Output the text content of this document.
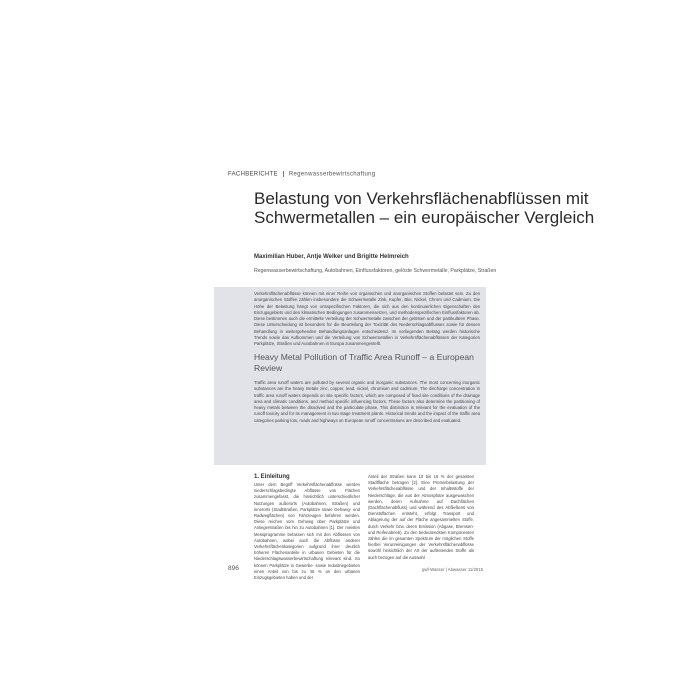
FACHBERICHTE Regenwasserbewirtschaftung
Belastung von Verkehrsflächenabflüssen mit Schwermetallen – ein europäischer Vergleich
Maximilian Huber, Antje Welker und Brigitte Helmreich
Regenwasserbewirtschaftung, Autobahnen, Einflussfaktoren, gelöste Schwermetalle, Parkplätze, Straßen

Verkehrsflächenabflüsse können mit einer Reihe von organischen und anorganischen Stoffen belastet sein. Zu den anorganischen Stoffen zählen insbesondere die Schwermetalle Zink, Kupfer, Blei, Nickel, Chrom und Cadmium. Die Höhe der Belastung hängt von ortsspezifischen Faktoren, die sich aus den kontinuierlichen Eigenschaften des Einzugsgebiets und den klimatischen Bedingungen zusammensetzen, und methodenspezifischen Einflussfaktoren ab. Diese bestimmen auch die ermittelte Verteilung der Schwermetalle zwischen der gelösten und der partikulären Phase. Diese Unterscheidung ist besonders für die Beurteilung der Toxizität des Niederschlagsabflusses sowie für dessen Behandlung in weitergehenden Behandlungsanlagen entscheidend. Im vorliegenden Beitrag werden historische Trends sowie das Aufkommen und die Verteilung von Schwermetallen in Verkehrsflächenabflüssen der Kategorien Parkplätze, Straßen und Autobahnen in Europa zusammengestellt.

Heavy Metal Pollution of Traffic Area Runoff – a European Review

Traffic area runoff waters are polluted by several organic and inorganic substances. The most concerning inorganic substances are the heavy metals zinc, copper, lead, nickel, chromium and cadmium. The discharge concentration in traffic area runoff waters depends on site specific factors, which are composed of fixed site conditions of the drainage area and climatic conditions, and method specific influencing factors. These factors also determine the partitioning of heavy metals between the dissolved and the particulate phase. This distinction is relevant for the evaluation of the runoff toxicity and for its management in two stage treatment plants. Historical trends and the impact of the traffic area categories parking lots, roads and highways on European runoff concentrations are described and evaluated.

1. Einleitung

Unter dem Begriff Verkehrsflächenabflüsse werden niederschlagsbedingte Abflüsse von Flächen zusammengefasst, die hinsichtlich unterschiedlicher Nutzungen außerorts (Autobahnen, Straßen) und innerorts (Stadtstraßen, Parkplätze sowie Gehweg- und Radwegflächen) von Fahrzeugen befahren werden. Diese reichen vom Gehweg über Parkplätze und Anliegerstraßen bis hin zu Autobahnen [1]. Der meisten Messprogramme befassen sich mit den Abflüssen von Autobahnen, wobei auch die Abflüsse anderer Verkehrsflächenkategorien aufgrund ihrer deutlich höheren Flächenanteile in urbanen Gebieten für die Niederschlagswasserbewirtschaftung relevant sind. So können Parkplätze in Gewerbe- sowie Industriegebieten einen Anteil von bis zu 46 % an den urbanen Einzugsgebieten haben und der

Anteil der Straßen kann 10 bis 16 % der gesamten Stadtfläche betragen [2]. Eine Premiebelastung der Verkehrsflächenabflüsse und der Inhaltsstoffe der Niederschläge, die aus der Atmosphäre ausgewaschen werden, deren Aufnahme auf Dachflächen (Dachflächenabfluss) und während des Abfließens von Dienstsflächen entsteht, erfolgt Transport und Ablagerung der auf der Fläche angesammelten Stoffe, durch Verkehr bzw. deren Emission (Abgase, Bremsen- und Reifenabrieb). Zu den bedeutendsten Komponenten zählen die im gesamten Spektrum der möglichen Stoffe hierbei Verunreinigungen der Verkehrsflächenabflüsse sowohl hinsichtlich der Art der auftretenden Stoffe als auch bezogen auf die Auswahl

896	gwf-Wasser | Abwasser 11/2015
